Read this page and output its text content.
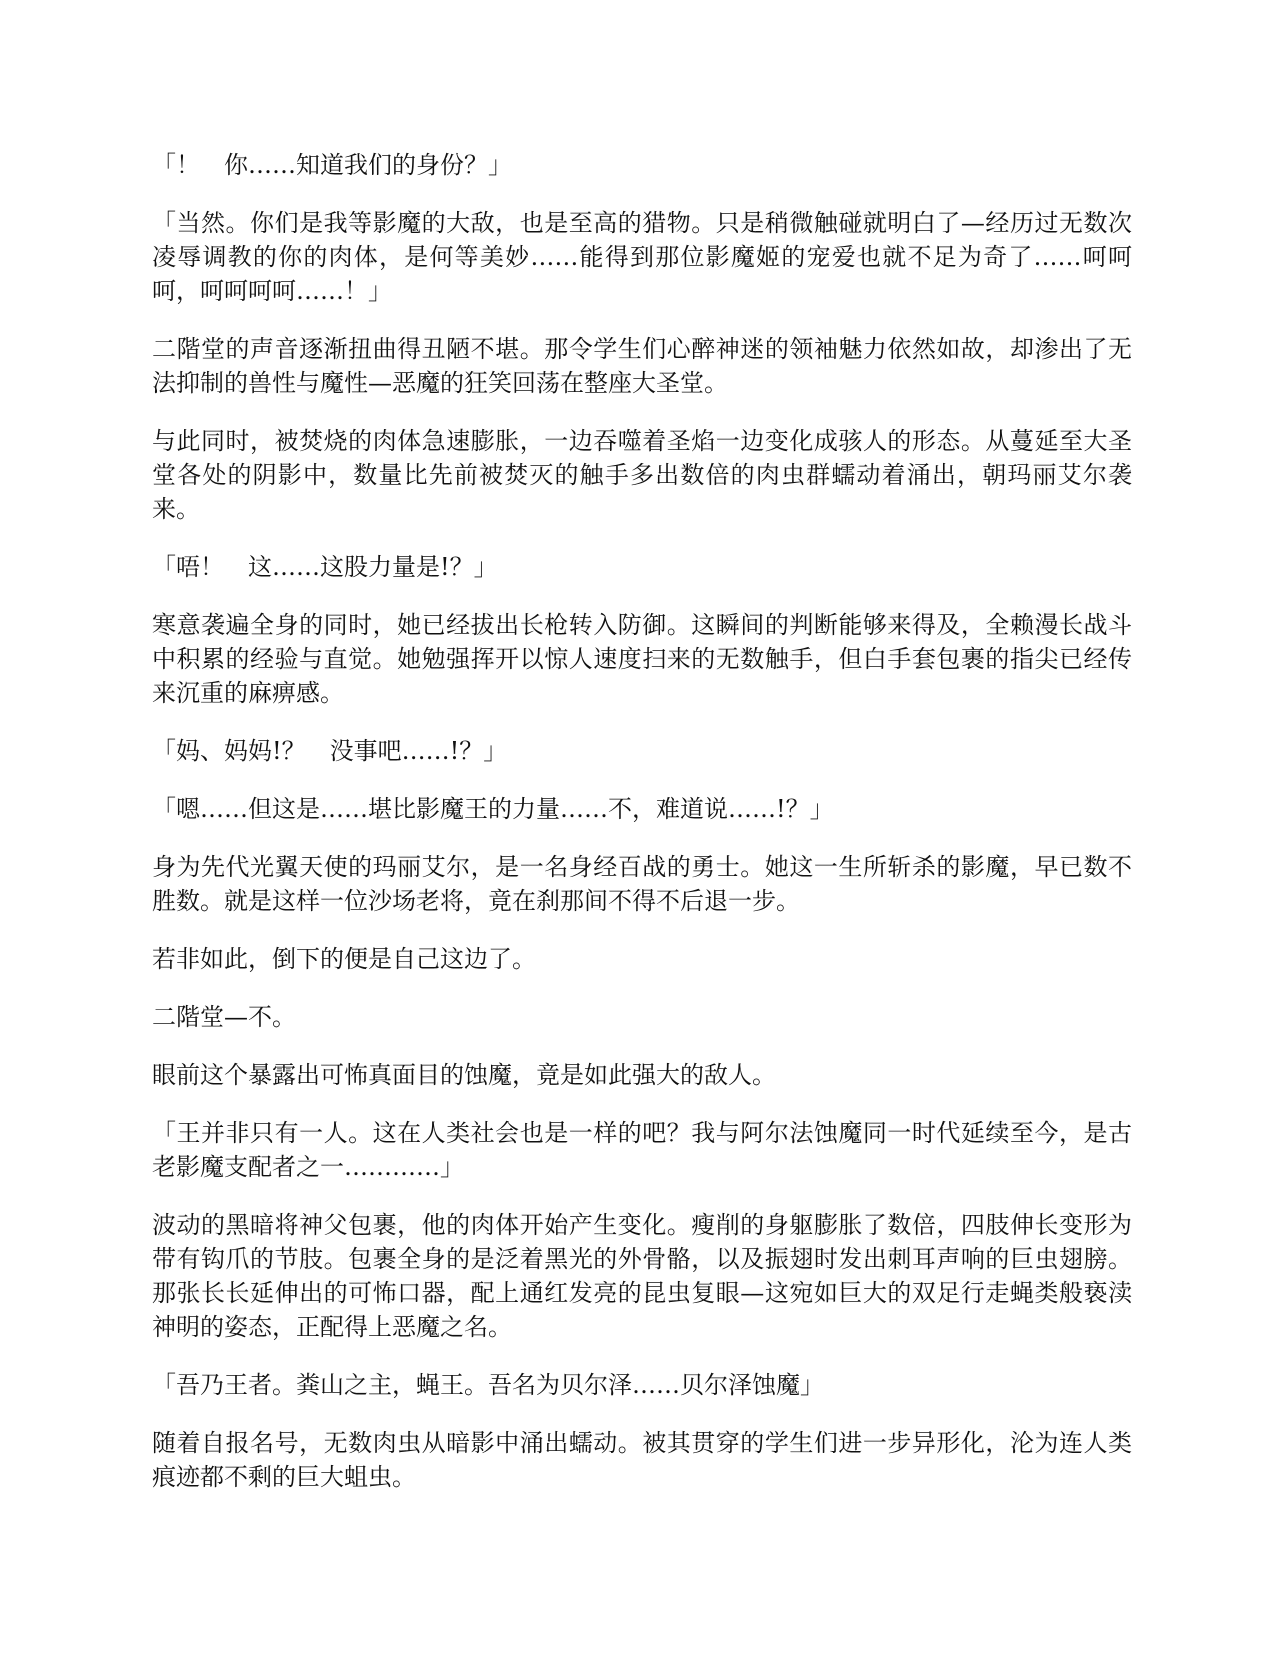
「！　你……知道我们的身份？」

「当然。你们是我等影魔的大敌，也是至高的猎物。只是稍微触碰就明白了—经历过无数次凌辱调教的你的肉体，是何等美妙……能得到那位影魔姬的宠爱也就不足为奇了……呵呵呵，呵呵呵呵……！」

二階堂的声音逐渐扭曲得丑陋不堪。那令学生们心醉神迷的领袖魅力依然如故，却渗出了无法抑制的兽性与魔性—恶魔的狂笑回荡在整座大圣堂。

与此同时，被焚烧的肉体急速膨胀，一边吞噬着圣焰一边变化成骇人的形态。从蔓延至大圣堂各处的阴影中，数量比先前被焚灭的触手多出数倍的肉虫群蠕动着涌出，朝玛丽艾尔袭来。

「唔！　这……这股力量是!？」

寒意袭遍全身的同时，她已经拔出长枪转入防御。这瞬间的判断能够来得及，全赖漫长战斗中积累的经验与直觉。她勉强挥开以惊人速度扫来的无数触手，但白手套包裹的指尖已经传来沉重的麻痹感。

「妈、妈妈!？　没事吧……!？」

「嗯……但这是……堪比影魔王的力量……不，难道说……!？」

身为先代光翼天使的玛丽艾尔，是一名身经百战的勇士。她这一生所斩杀的影魔，早已数不胜数。就是这样一位沙场老将，竟在刹那间不得不后退一步。

若非如此，倒下的便是自己这边了。

二階堂—不。

眼前这个暴露出可怖真面目的蚀魔，竟是如此强大的敌人。

「王并非只有一人。这在人类社会也是一样的吧？我与阿尔法蚀魔同一时代延续至今，是古老影魔支配者之一…………」

波动的黑暗将神父包裹，他的肉体开始产生变化。瘦削的身躯膨胀了数倍，四肢伸长变形为带有钩爪的节肢。包裹全身的是泛着黑光的外骨骼，以及振翅时发出刺耳声响的巨虫翅膀。那张长长延伸出的可怖口器，配上通红发亮的昆虫复眼—这宛如巨大的双足行走蝇类般亵渎神明的姿态，正配得上恶魔之名。

「吾乃王者。粪山之主，蝇王。吾名为贝尔泽……贝尔泽蚀魔」

随着自报名号，无数肉虫从暗影中涌出蠕动。被其贯穿的学生们进一步异形化，沦为连人类痕迹都不剩的巨大蛆虫。
